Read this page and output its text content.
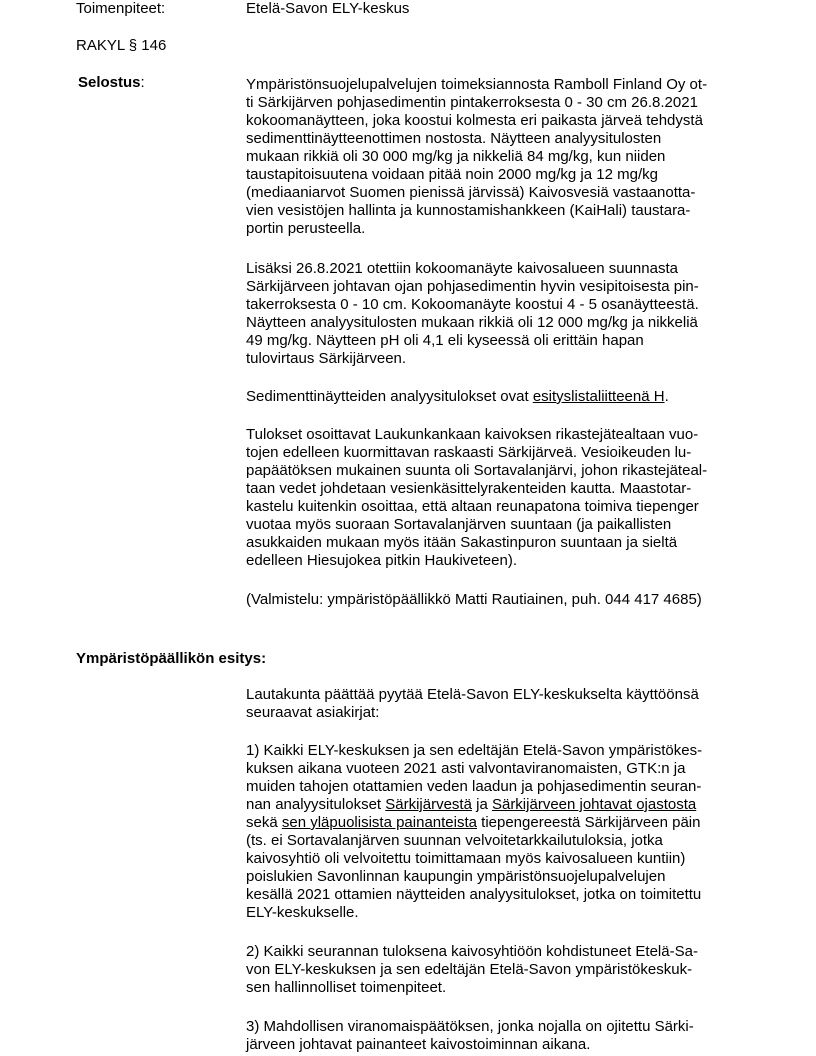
Toimenpiteet:	Etelä-Savon ELY-keskus
RAKYL § 146
Selostus:	Ympäristönsuojelupalvelujen toimeksiannosta Ramboll Finland Oy ot-
ti Särkijärven pohjasedimentin pintakerroksesta 0 - 30 cm 26.8.2021
kokoomanäytteen, joka koostui kolmesta eri paikasta järveä tehdystä
sedimenttinäytteenottimen nostosta. Näytteen analyysitulosten
mukaan rikkiä oli 30 000 mg/kg ja nikkeliä 84 mg/kg, kun niiden
taustapitoisuutena voidaan pitää noin 2000 mg/kg ja 12 mg/kg
(mediaaniarvot Suomen pienissä järvissä) Kaivosvesiä vastaanotta-
vien vesistöjen hallinta ja kunnostamishankkeen (KaiHali) taustara-
portin perusteella.
Lisäksi 26.8.2021 otettiin kokoomanäyte kaivosalueen suunnasta
Särkijärveen johtavan ojan pohjasedimentin hyvin vesipitoisesta pin-
takerroksesta 0 - 10 cm. Kokoomanäyte koostui 4 - 5 osanäytteestä.
Näytteen analyysitulosten mukaan rikkiä oli 12 000 mg/kg ja nikkeliä
49 mg/kg. Näytteen pH oli 4,1 eli kyseessä oli erittäin hapan
tulovirtaus Särkijärveen.
Sedimenttinäytteiden analyysitulokset ovat esityslistaliitteenä H.
Tulokset osoittavat Laukunkankaan kaivoksen rikastejätealtaan vuo-
tojen edelleen kuormittavan raskaasti Särkijärveä. Vesioikeuden lu-
papäätöksen mukainen suunta oli Sortavalanjärvi, johon rikastejäteal-
taan vedet johdetaan vesienkäsittelyrakenteiden kautta. Maastotar-
kastelu kuitenkin osoittaa, että altaan reunapatona toimiva tiepenger
vuotaa myös suoraan Sortavalanjärven suuntaan (ja paikallisten
asukkaiden mukaan myös itään Sakastinpuron suuntaan ja sieltä
edelleen Hiesujokea pitkin Haukiveteen).
(Valmistelu: ympäristöpäällikkö Matti Rautiainen, puh. 044 417 4685)
Ympäristöpäällikön esitys:
Lautakunta päättää pyytää Etelä-Savon ELY-keskukselta käyttöönsä
seuraavat asiakirjat:
1) Kaikki ELY-keskuksen ja sen edeltäjän Etelä-Savon ympäristökes-
kuksen aikana vuoteen 2021 asti valvontaviranomaisten, GTK:n ja
muiden tahojen otattamien veden laadun ja pohjasedimentin seuran-
nan analyysitulokset Särkijärvestä ja Särkijärveen johtavat ojastosta
sekä sen yläpuolisista painanteista tiepengereestä Särkijärveen päin
(ts. ei Sortavalanjärven suunnan velvoitetarkkailutuloksia, jotka
kaivosyhtiö oli velvoitettu toimittamaan myös kaivosalueen kuntiin)
poislukien Savonlinnan kaupungin ympäristönsuojelupalvelujen
kesällä 2021 ottamien näytteiden analyysitulokset, jotka on toimitettu
ELY-keskukselle.
2) Kaikki seurannan tuloksena kaivosyhtiöön kohdistuneet Etelä-Sa-
von ELY-keskuksen ja sen edeltäjän Etelä-Savon ympäristökeskuk-
sen hallinnolliset toimenpiteet.
3) Mahdollisen viranomaispäätöksen, jonka nojalla on ojitettu Särki-
järveen johtavat painanteet kaivostoiminnan aikana.
